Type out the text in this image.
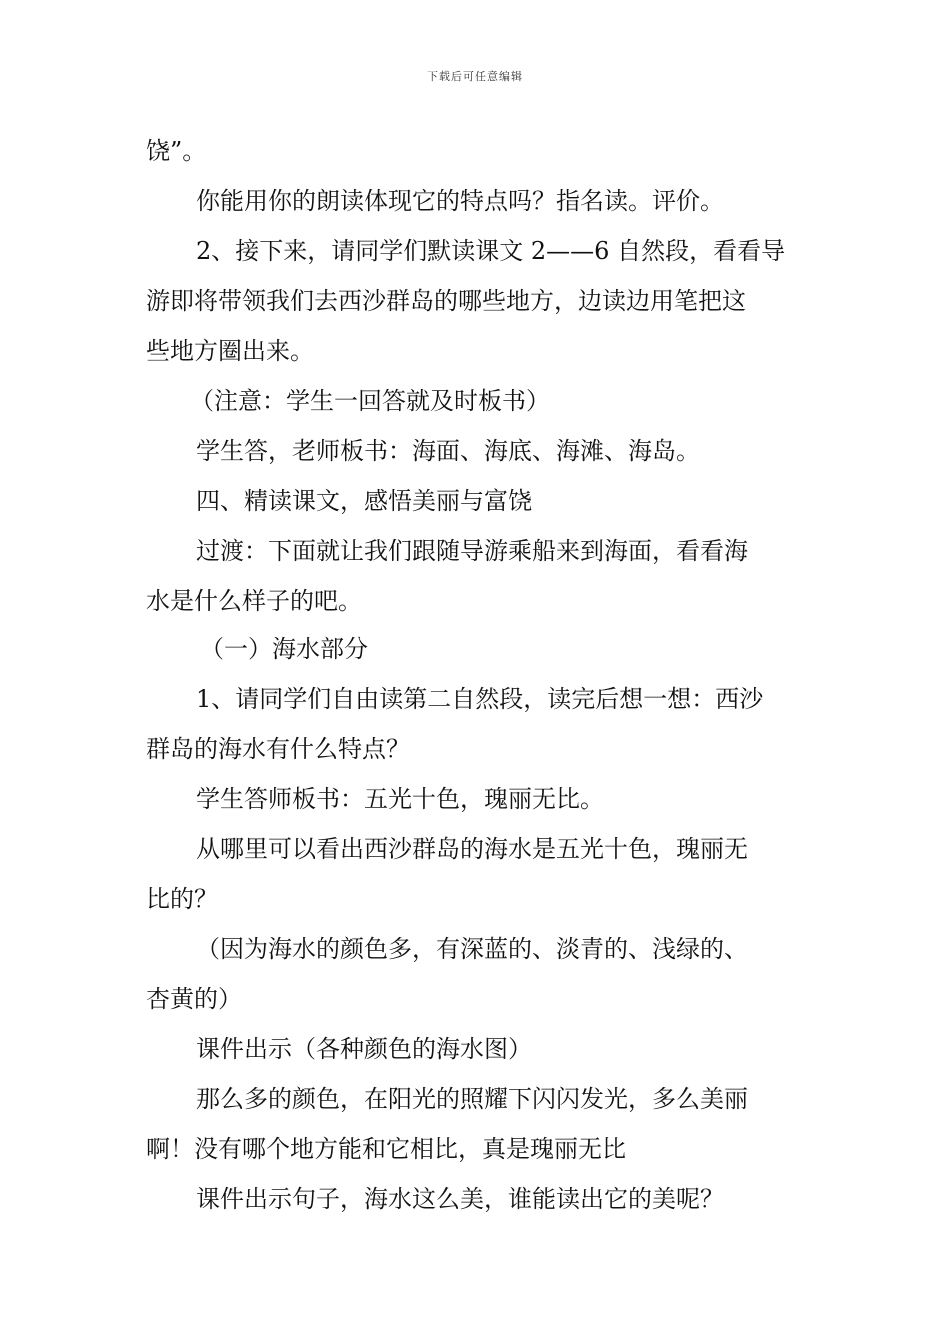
下载后可任意编辑
饶”。
你能用你的朗读体现它的特点吗？指名读。评价。
2、接下来，请同学们默读课文 2——6 自然段，看看导
游即将带领我们去西沙群岛的哪些地方，边读边用笔把这
些地方圈出来。
（注意：学生一回答就及时板书）
学生答，老师板书：海面、海底、海滩、海岛。
四、精读课文，感悟美丽与富饶
过渡：下面就让我们跟随导游乘船来到海面，看看海
水是什么样子的吧。
（一）海水部分
1、请同学们自由读第二自然段，读完后想一想：西沙
群岛的海水有什么特点？
学生答师板书：五光十色，瑰丽无比。
从哪里可以看出西沙群岛的海水是五光十色，瑰丽无
比的？
（因为海水的颜色多，有深蓝的、淡青的、浅绿的、
杏黄的）
课件出示（各种颜色的海水图）
那么多的颜色，在阳光的照耀下闪闪发光，多么美丽
啊！没有哪个地方能和它相比，真是瑰丽无比
课件出示句子，海水这么美，谁能读出它的美呢？
